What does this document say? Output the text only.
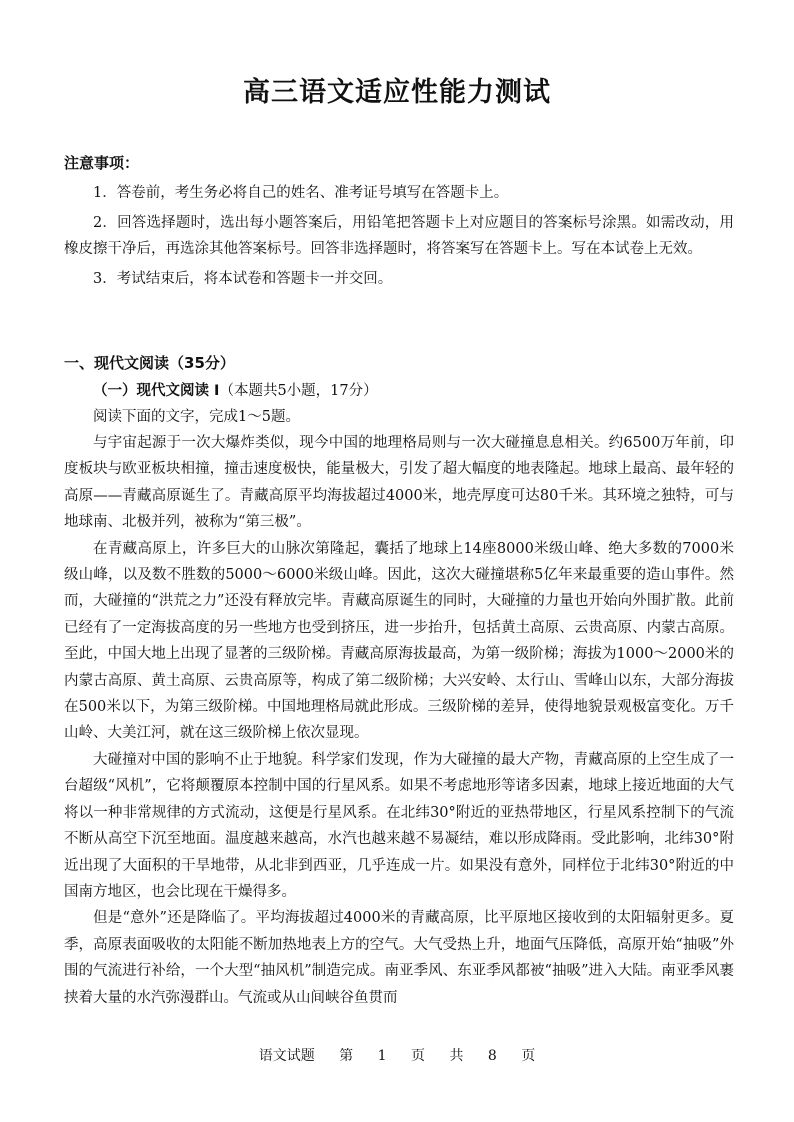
高三语文适应性能力测试
注意事项：

1．答卷前，考生务必将自己的姓名、准考证号填写在答题卡上。

2．回答选择题时，选出每小题答案后，用铅笔把答题卡上对应题目的答案标号涂黑。如需改动，用橡皮擦干净后，再选涂其他答案标号。回答非选择题时，将答案写在答题卡上。写在本试卷上无效。

3．考试结束后，将本试卷和答题卡一并交回。

一、现代文阅读（35分）
（一）现代文阅读 I（本题共5小题，17分）
阅读下面的文字，完成1～5题。

与宇宙起源于一次大爆炸类似，现今中国的地理格局则与一次大碰撞息息相关。约6500万年前，印度板块与欧亚板块相撞，撞击速度极快，能量极大，引发了超大幅度的地表隆起。地球上最高、最年轻的高原——青藏高原诞生了。青藏高原平均海拔超过4000米，地壳厚度可达80千米。其环境之独特，可与地球南、北极并列，被称为“第三极”。

在青藏高原上，许多巨大的山脉次第隆起，囊括了地球上14座8000米级山峰、绝大多数的7000米级山峰，以及数不胜数的5000～6000米级山峰。因此，这次大碰撞堪称5亿年来最重要的造山事件。然而，大碰撞的“洪荒之力”还没有释放完毕。青藏高原诞生的同时，大碰撞的力量也开始向外围扩散。此前已经有了一定海拔高度的另一些地方也受到挤压，进一步抬升，包括黄土高原、云贵高原、内蒙古高原。至此，中国大地上出现了显著的三级阶梯。青藏高原海拔最高，为第一级阶梯；海拔为1000～2000米的内蒙古高原、黄土高原、云贵高原等，构成了第二级阶梯；大兴安岭、太行山、雪峰山以东，大部分海拔在500米以下，为第三级阶梯。中国地理格局就此形成。三级阶梯的差异，使得地貌景观极富变化。万千山岭、大美江河，就在这三级阶梯上依次显现。

大碰撞对中国的影响不止于地貌。科学家们发现，作为大碰撞的最大产物，青藏高原的上空生成了一台超级“风机”，它将颠覆原本控制中国的行星风系。如果不考虑地形等诸多因素，地球上接近地面的大气将以一种非常规律的方式流动，这便是行星风系。在北纬30°附近的亚热带地区，行星风系控制下的气流不断从高空下沉至地面。温度越来越高，水汽也越来越不易凝结，难以形成降雨。受此影响，北纬30°附近出现了大面积的干旱地带，从北非到西亚，几乎连成一片。如果没有意外，同样位于北纬30°附近的中国南方地区，也会比现在干燥得多。

但是“意外”还是降临了。平均海拔超过4000米的青藏高原，比平原地区接收到的太阳辐射更多。夏季，高原表面吸收的太阳能不断加热地表上方的空气。大气受热上升，地面气压降低，高原开始“抽吸”外围的气流进行补给，一个大型“抽风机”制造完成。南亚季风、东亚季风都被“抽吸”进入大陆。南亚季风裹挟着大量的水汽弥漫群山。气流或从山间峡谷鱼贯而

语文试题 第 1 页 共 8 页
